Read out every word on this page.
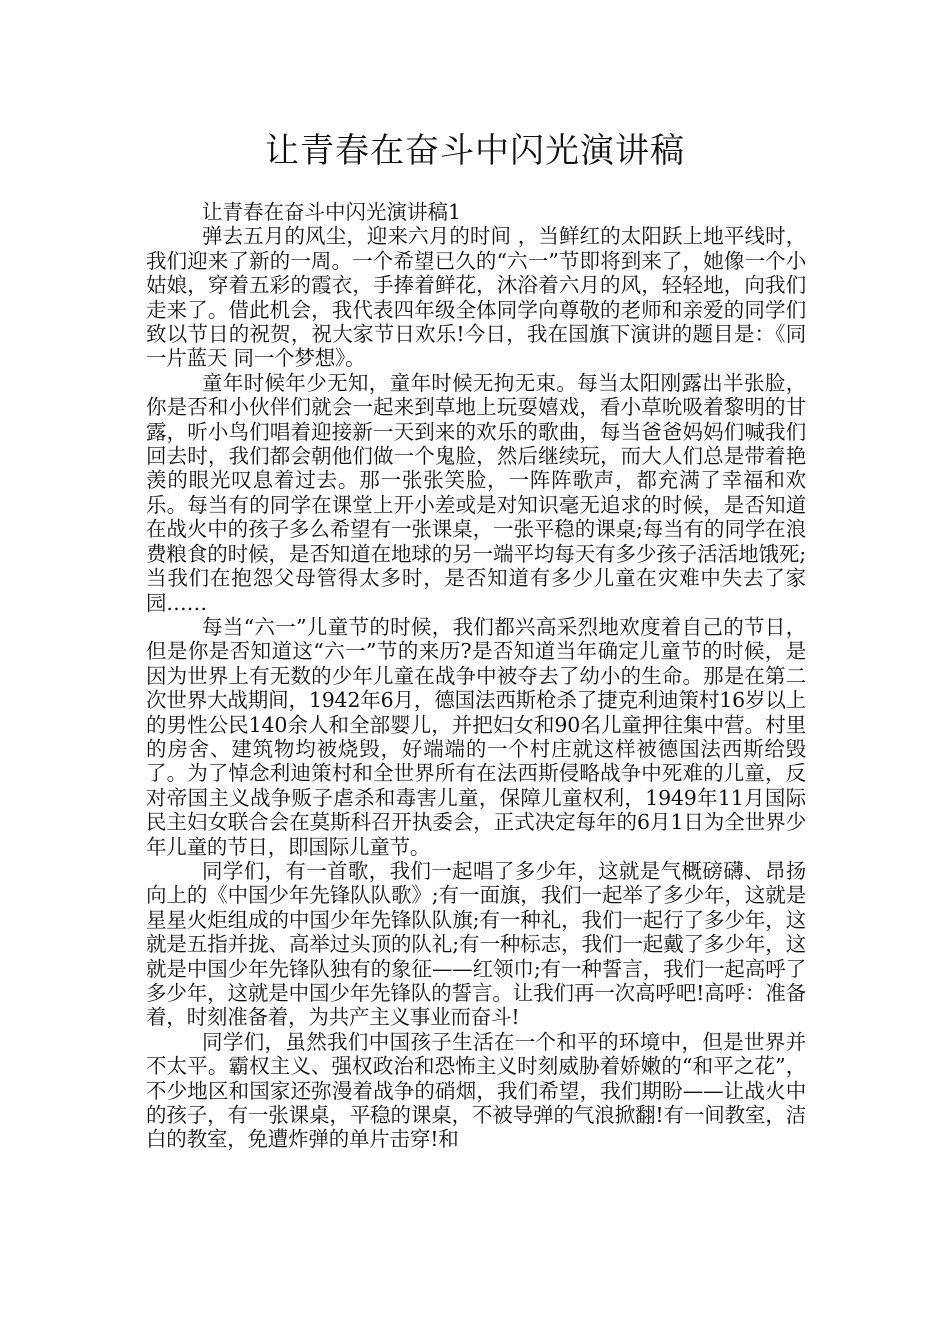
让青春在奋斗中闪光演讲稿

让青春在奋斗中闪光演讲稿1

弹去五月的风尘，迎来六月的时间 ，当鲜红的太阳跃上地平线时，我们迎来了新的一周。一个希望已久的“六一”节即将到来了，她像一个小姑娘，穿着五彩的霞衣，手捧着鲜花，沐浴着六月的风，轻轻地，向我们走来了。借此机会，我代表四年级全体同学向尊敬的老师和亲爱的同学们致以节日的祝贺，祝大家节日欢乐!今日，我在国旗下演讲的题目是：《同一片蓝天 同一个梦想》。

童年时候年少无知，童年时候无拘无束。每当太阳刚露出半张脸，你是否和小伙伴们就会一起来到草地上玩耍嬉戏，看小草吮吸着黎明的甘露，听小鸟们唱着迎接新一天到来的欢乐的歌曲，每当爸爸妈妈们喊我们回去时，我们都会朝他们做一个鬼脸，然后继续玩，而大人们总是带着艳羡的眼光叹息着过去。那一张张笑脸，一阵阵歌声，都充满了幸福和欢乐。每当有的同学在课堂上开小差或是对知识毫无追求的时候，是否知道在战火中的孩子多么希望有一张课桌，一张平稳的课桌;每当有的同学在浪费粮食的时候，是否知道在地球的另一端平均每天有多少孩子活活地饿死;当我们在抱怨父母管得太多时，是否知道有多少儿童在灾难中失去了家园……

每当“六一”儿童节的时候，我们都兴高采烈地欢度着自己的节日，但是你是否知道这“六一”节的来历?是否知道当年确定儿童节的时候，是因为世界上有无数的少年儿童在战争中被夺去了幼小的生命。那是在第二次世界大战期间，1942年6月，德国法西斯枪杀了捷克利迪策村16岁以上的男性公民140余人和全部婴儿，并把妇女和90名儿童押往集中营。村里的房舍、建筑物均被烧毁，好端端的一个村庄就这样被德国法西斯给毁了。为了悼念利迪策村和全世界所有在法西斯侵略战争中死难的儿童，反对帝国主义战争贩子虐杀和毒害儿童，保障儿童权利，1949年11月国际民主妇女联合会在莫斯科召开执委会，正式决定每年的6月1日为全世界少年儿童的节日，即国际儿童节。

同学们，有一首歌，我们一起唱了多少年，这就是气概磅礴、昂扬向上的《中国少年先锋队队歌》;有一面旗，我们一起举了多少年，这就是星星火炬组成的中国少年先锋队队旗;有一种礼，我们一起行了多少年，这就是五指并拢、高举过头顶的队礼;有一种标志，我们一起戴了多少年，这就是中国少年先锋队独有的象征——红领巾;有一种誓言，我们一起高呼了多少年，这就是中国少年先锋队的誓言。让我们再一次高呼吧!高呼：准备着，时刻准备着，为共产主义事业而奋斗!

同学们，虽然我们中国孩子生活在一个和平的环境中，但是世界并不太平。霸权主义、强权政治和恐怖主义时刻威胁着娇嫩的“和平之花”，不少地区和国家还弥漫着战争的硝烟，我们希望，我们期盼——让战火中的孩子，有一张课桌，平稳的课桌，不被导弹的气浪掀翻!有一间教室，洁白的教室，免遭炸弹的单片击穿!和
